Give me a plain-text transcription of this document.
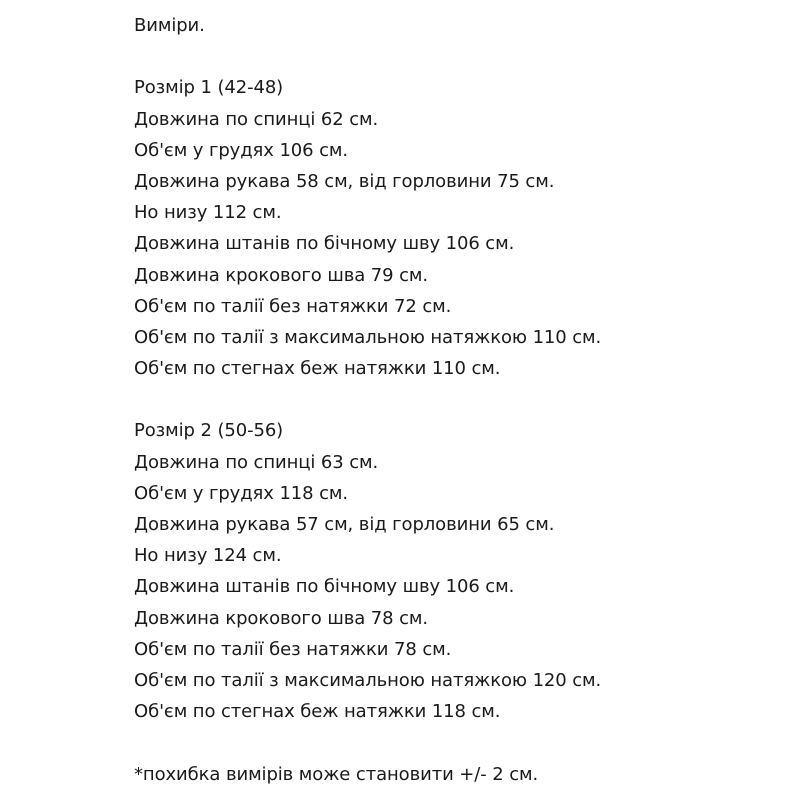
Виміри.
Розмір 1 (42-48)
Довжина по спинці 62 см.
Об'єм у грудях 106 см.
Довжина рукава 58 см, від горловини 75 см.
Но низу 112 см.
Довжина штанів по бічному шву 106 см.
Довжина крокового шва 79 см.
Об'єм по талії без натяжки 72 см.
Об'єм по талії з максимальною натяжкою 110 см.
Об'єм по стегнах беж натяжки 110 см.
Розмір 2 (50-56)
Довжина по спинці 63 см.
Об'єм у грудях 118 см.
Довжина рукава 57 см, від горловини 65 см.
Но низу 124 см.
Довжина штанів по бічному шву 106 см.
Довжина крокового шва 78 см.
Об'єм по талії без натяжки 78 см.
Об'єм по талії з максимальною натяжкою 120 см.
Об'єм по стегнах беж натяжки 118 см.
*похибка вимірів може становити +/- 2 см.
